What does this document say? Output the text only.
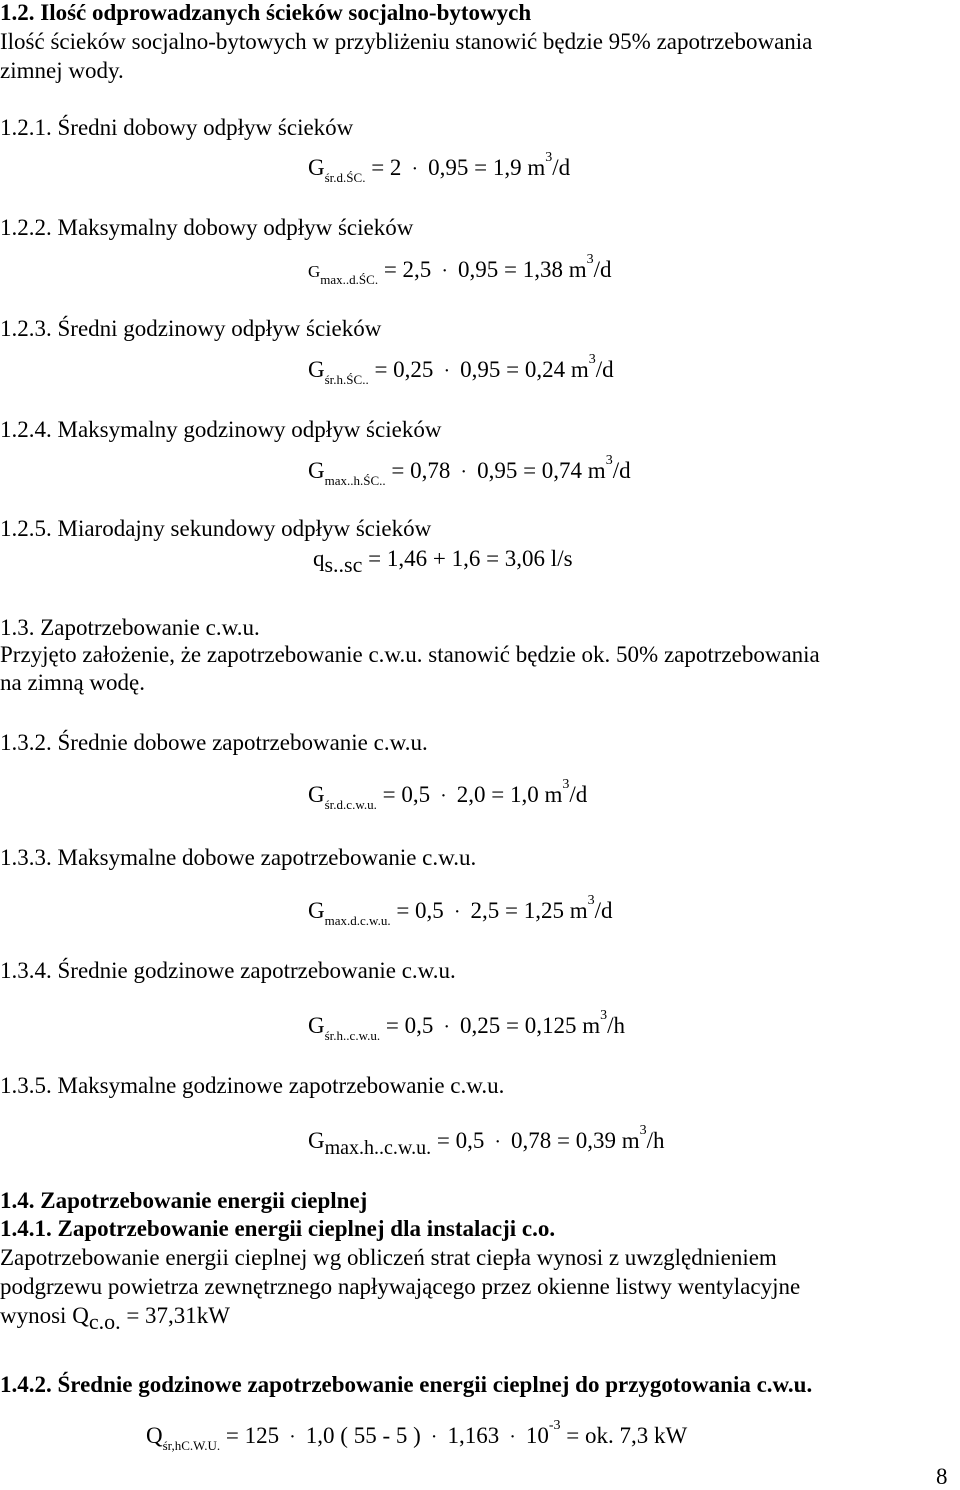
1.2. Ilość odprowadzanych ścieków socjalno-bytowych
Ilość ścieków socjalno-bytowych w przybliżeniu stanowić będzie 95% zapotrzebowania
zimnej wody.
1.2.1. Średni dobowy odpływ ścieków
$G_{śr.d.ŚC.} = 2 \cdot 0,95 = 1,9$ $m^3/d$
1.2.2. Maksymalny dobowy odpływ ścieków
$G_{max..d.ŚC.} = 2,5 \cdot 0,95 = 1,38$ $m^3/d$
1.2.3. Średni godzinowy odpływ ścieków
$G_{śr.h.ŚC..} = 0,25 \cdot 0,95 = 0,24$ $m^3/d$
1.2.4. Maksymalny godzinowy odpływ ścieków
$G_{max..h.ŚC..} = 0,78 \cdot 0,95 = 0,74$ $m^3/d$
1.2.5. Miarodajny sekundowy odpływ ścieków
qs..sc = 1,46 + 1,6 = 3,06 l/s
1.3. Zapotrzebowanie c.w.u.
Przyjęto założenie, że zapotrzebowanie c.w.u. stanowić będzie ok. 50% zapotrzebowania
na zimną wodę.
1.3.2. Średnie dobowe zapotrzebowanie c.w.u.
$G_{śr.d.c.w.u.} = 0,5 \cdot 2,0 = 1,0$ $m^3/d$
1.3.3. Maksymalne dobowe zapotrzebowanie c.w.u.
$G_{max.d.c.w.u.} = 0,5 \cdot 2,5 = 1,25$ $m^3/d$
1.3.4. Średnie godzinowe zapotrzebowanie c.w.u.
$G_{śr.h..c.w.u.} = 0,5 \cdot 0,25 = 0,125$ $m^3/h$
1.3.5. Maksymalne godzinowe zapotrzebowanie c.w.u.
Gmax.h..c.w.u. = 0,5 · 0,78 = 0,39 $m^3/h$
1.4. Zapotrzebowanie energii cieplnej
1.4.1. Zapotrzebowanie energii cieplnej dla instalacji c.o.
Zapotrzebowanie energii cieplnej wg obliczeń strat ciepła wynosi z uwzględnieniem
podgrzewu powietrza zewnętrznego napływającego przez okienne listwy wentylacyjne
wynosi Qc.o. = 37,31kW
1.4.2. Średnie godzinowe zapotrzebowanie energii cieplnej do przygotowania c.w.u.
$Q_{śr,hC.W.U.} = 125 \cdot 1,0$ ( 55 - 5 ) · $1,163 \cdot 10^{-3}$ = ok. 7,3 kW
8
